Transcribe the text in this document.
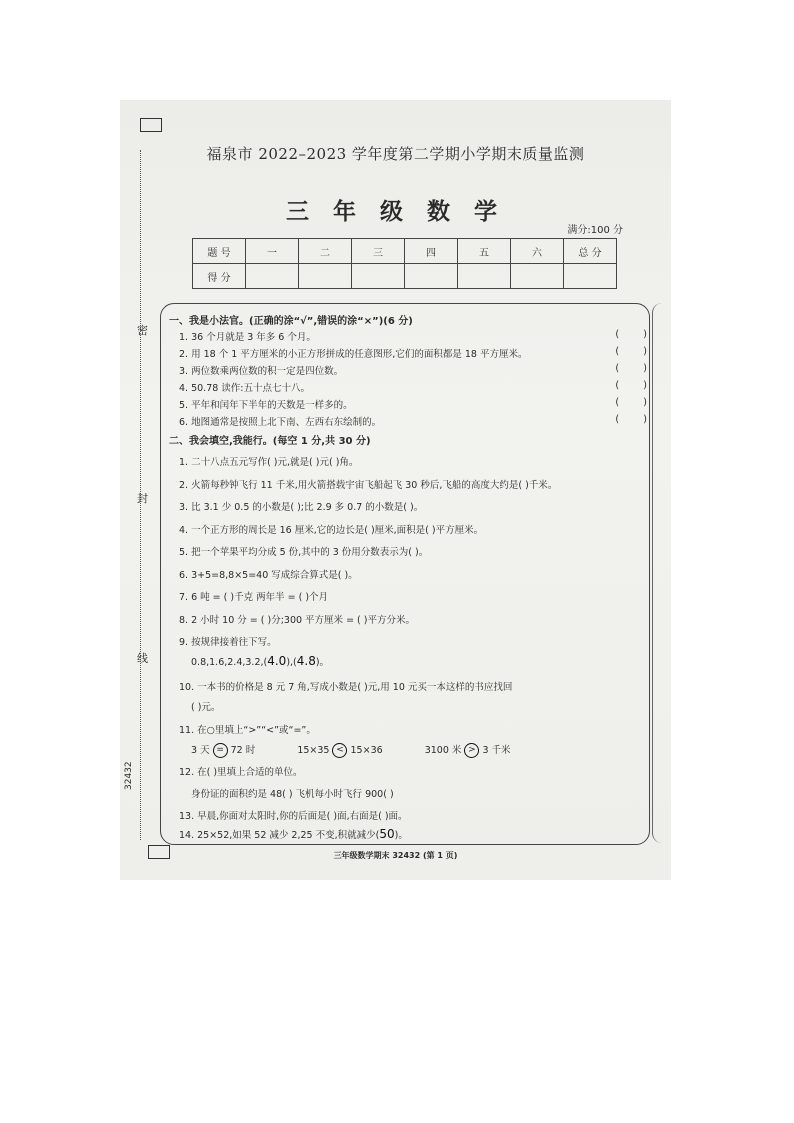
密
封
线
32432
福泉市 2022–2023 学年度第二学期小学期末质量监测
三 年 级 数 学
满分:100 分
题 号	一	二	三	四	五	六	总 分
得 分							
一、我是小法官。(正确的涂“√”,错误的涂“×”)(6 分)
1. 36 个月就是 3 年多 6 个月。	(        )
2. 用 18 个 1 平方厘米的小正方形拼成的任意图形,它们的面积都是 18 平方厘米。	(        )
3. 两位数乘两位数的积一定是四位数。	(        )
4. 50.78 读作:五十点七十八。	(        )
5. 平年和闰年下半年的天数是一样多的。	(        )
6. 地图通常是按照上北下南、左西右东绘制的。	(        )
二、我会填空,我能行。(每空 1 分,共 30 分)
1. 二十八点五元写作( )元,就是( )元( )角。
2. 火箭每秒钟飞行 11 千米,用火箭搭载宇宙飞船起飞 30 秒后,飞船的高度大约是( )千米。
3. 比 3.1 少 0.5 的小数是( );比 2.9 多 0.7 的小数是( )。
4. 一个正方形的周长是 16 厘米,它的边长是( )厘米,面积是( )平方厘米。
5. 把一个苹果平均分成 5 份,其中的 3 份用分数表示为( )。
6. 3+5=8,8×5=40 写成综合算式是( )。
7. 6 吨 = ( )千克 两年半 = ( )个月
8. 2 小时 10 分 = ( )分;300 平方厘米 = ( )平方分米。
9. 按规律接着往下写。
0.8,1.6,2.4,3.2,(4.0),(4.8)。
10. 一本书的价格是 8 元 7 角,写成小数是( )元,用 10 元买一本这样的书应找回
( )元。
11. 在○里填上“>”“<”或“=”。
3 天 = 72 时	15×35 < 15×36	3100 米 > 3 千米
12. 在( )里填上合适的单位。
身份证的面积约是 48( ) 飞机每小时飞行 900( )
13. 早晨,你面对太阳时,你的后面是( )面,右面是( )面。
14. 25×52,如果 52 减少 2,25 不变,积就减少(50)。
三年级数学期末 32432 (第 1 页)
